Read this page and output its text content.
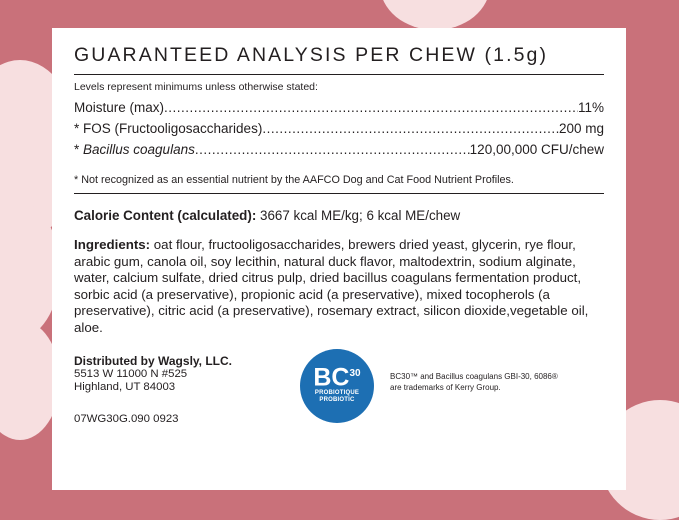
GUARANTEED ANALYSIS PER CHEW (1.5g)
Levels represent minimums unless otherwise stated:
Moisture (max) .....	11%
* FOS (Fructooligosaccharides) .....	200 mg
* Bacillus coagulans .....	120,00,000 CFU/chew
* Not recognized as an essential nutrient by the AAFCO Dog and Cat Food Nutrient Profiles.
Calorie Content (calculated): 3667 kcal ME/kg; 6 kcal ME/chew
Ingredients: oat flour, fructooligosaccharides, brewers dried yeast, glycerin, rye flour, arabic gum, canola oil, soy lecithin, natural duck flavor, maltodextrin, sodium alginate, water, calcium sulfate, dried citrus pulp, dried bacillus coagulans fermentation product, sorbic acid (a preservative), propionic acid (a preservative), mixed tocopherols (a preservative), citric acid (a preservative), rosemary extract, silicon dioxide,vegetable oil, aloe.
Distributed by Wagsly, LLC.
5513 W 11000 N #525
Highland, UT 84003
07WG30G.090 0923
$BC_{30}$
PROBIOTIQUE
PROBIOTIC
BC30™ and Bacillus coagulans GBI-30, 6086®
are trademarks of Kerry Group.
